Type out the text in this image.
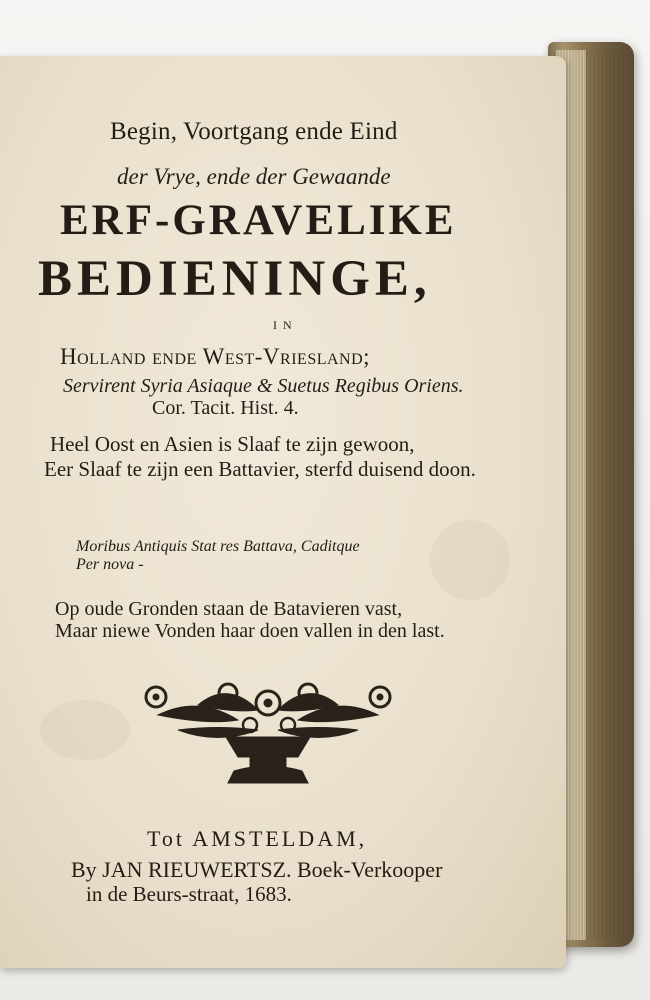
Begin, Voortgang ende Eind
der Vrye, ende der Gewaande
ERF-GRAVELIKE
BEDIENINGE,
IN
Holland ende West-Vriesland;
Servirent Syria Asiaque & Suetus Regibus Oriens.
Cor. Tacit. Hist. 4.
Heel Oost en Asien is Slaaf te zijn gewoon,
Eer Slaaf te zijn een Battavier, sterfd duisend doon.
Moribus Antiquis Stat res Battava, Caditque
Per nova -
Op oude Gronden staan de Batavieren vast,
Maar niewe Vonden haar doen vallen in den last.
Tot AMSTELDAM,
By JAN RIEUWERTSZ. Boek-Verkooper
in de Beurs-straat, 1683.
